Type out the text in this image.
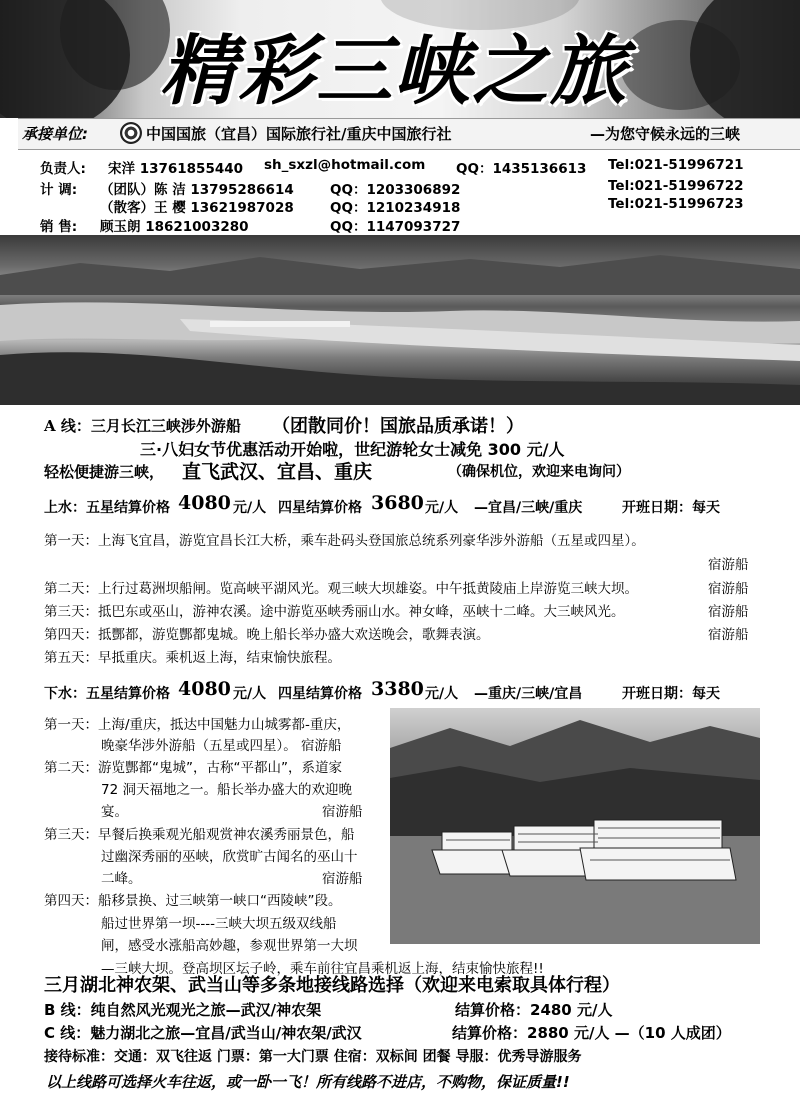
精彩三峡之旅
承接单位:	中国国旅（宜昌）国际旅行社/重庆中国旅行社	—为您守候永远的三峡
负责人: 宋洋 13761855440 sh_sxzl@hotmail.com QQ：1435136613 Tel:021-51996721
计 调: （团队）陈 洁 13795286614	QQ：1203306892	Tel:021-51996722
（散客）王 樱 13621987028	QQ：1210234918	Tel:021-51996723
销 售: 顾玉朗 18621003280	QQ：1147093727
A 线：三月长江三峡涉外游船 （团散同价！国旅品质承诺！）
三·八妇女节优惠活动开始啦，世纪游轮女士减免 300 元/人
轻松便捷游三峡， 直飞武汉、宜昌、重庆	（确保机位，欢迎来电询问）
上水：五星结算价格 4080 元/人 四星结算价格 3680 元/人 —宜昌/三峡/重庆	开班日期：每天
第一天：上海飞宜昌，游览宜昌长江大桥，乘车赴码头登国旅总统系列豪华涉外游船（五星或四星）。
宿游船
第二天：上行过葛洲坝船闸。览高峡平湖风光。观三峡大坝雄姿。中午抵黄陵庙上岸游览三峡大坝。	宿游船
第三天：抵巴东或巫山，游神农溪。途中游览巫峡秀丽山水。神女峰，巫峡十二峰。大三峡风光。	宿游船
第四天：抵酆都，游览酆都鬼城。晚上船长举办盛大欢送晚会，歌舞表演。	宿游船
第五天：早抵重庆。乘机返上海，结束愉快旅程。
下水：五星结算价格 4080 元/人 四星结算价格 3380 元/人 —重庆/三峡/宜昌	开班日期：每天
第一天：上海/重庆，抵达中国魅力山城雾都-重庆，
晚豪华涉外游船（五星或四星）。 宿游船
第二天：游览酆都“鬼城”，古称“平都山”，系道家
72 洞天福地之一。船长举办盛大的欢迎晚
宴。	宿游船
第三天：早餐后换乘观光船观赏神农溪秀丽景色，船
过幽深秀丽的巫峡，欣赏旷古闻名的巫山十
二峰。	宿游船
第四天：船移景换、过三峡第一峡口“西陵峡”段。
船过世界第一坝----三峡大坝五级双线船
闸，感受水涨船高妙趣，参观世界第一大坝
—三峡大坝。登高坝区坛子岭，乘车前往宜昌乘机返上海，结束愉快旅程!!
三月湖北神农架、武当山等多条地接线路选择（欢迎来电索取具体行程）
B 线：纯自然风光观光之旅—武汉/神农架	结算价格：2480 元/人
C 线：魅力湖北之旅—宜昌/武当山/神农架/武汉	结算价格：2880 元/人 —（10 人成团）
接待标准：交通：双飞往返 门票：第一大门票 住宿：双标间 团餐 导服：优秀导游服务
以上线路可选择火车往返，或一卧一飞！所有线路不进店，不购物，保证质量!!
